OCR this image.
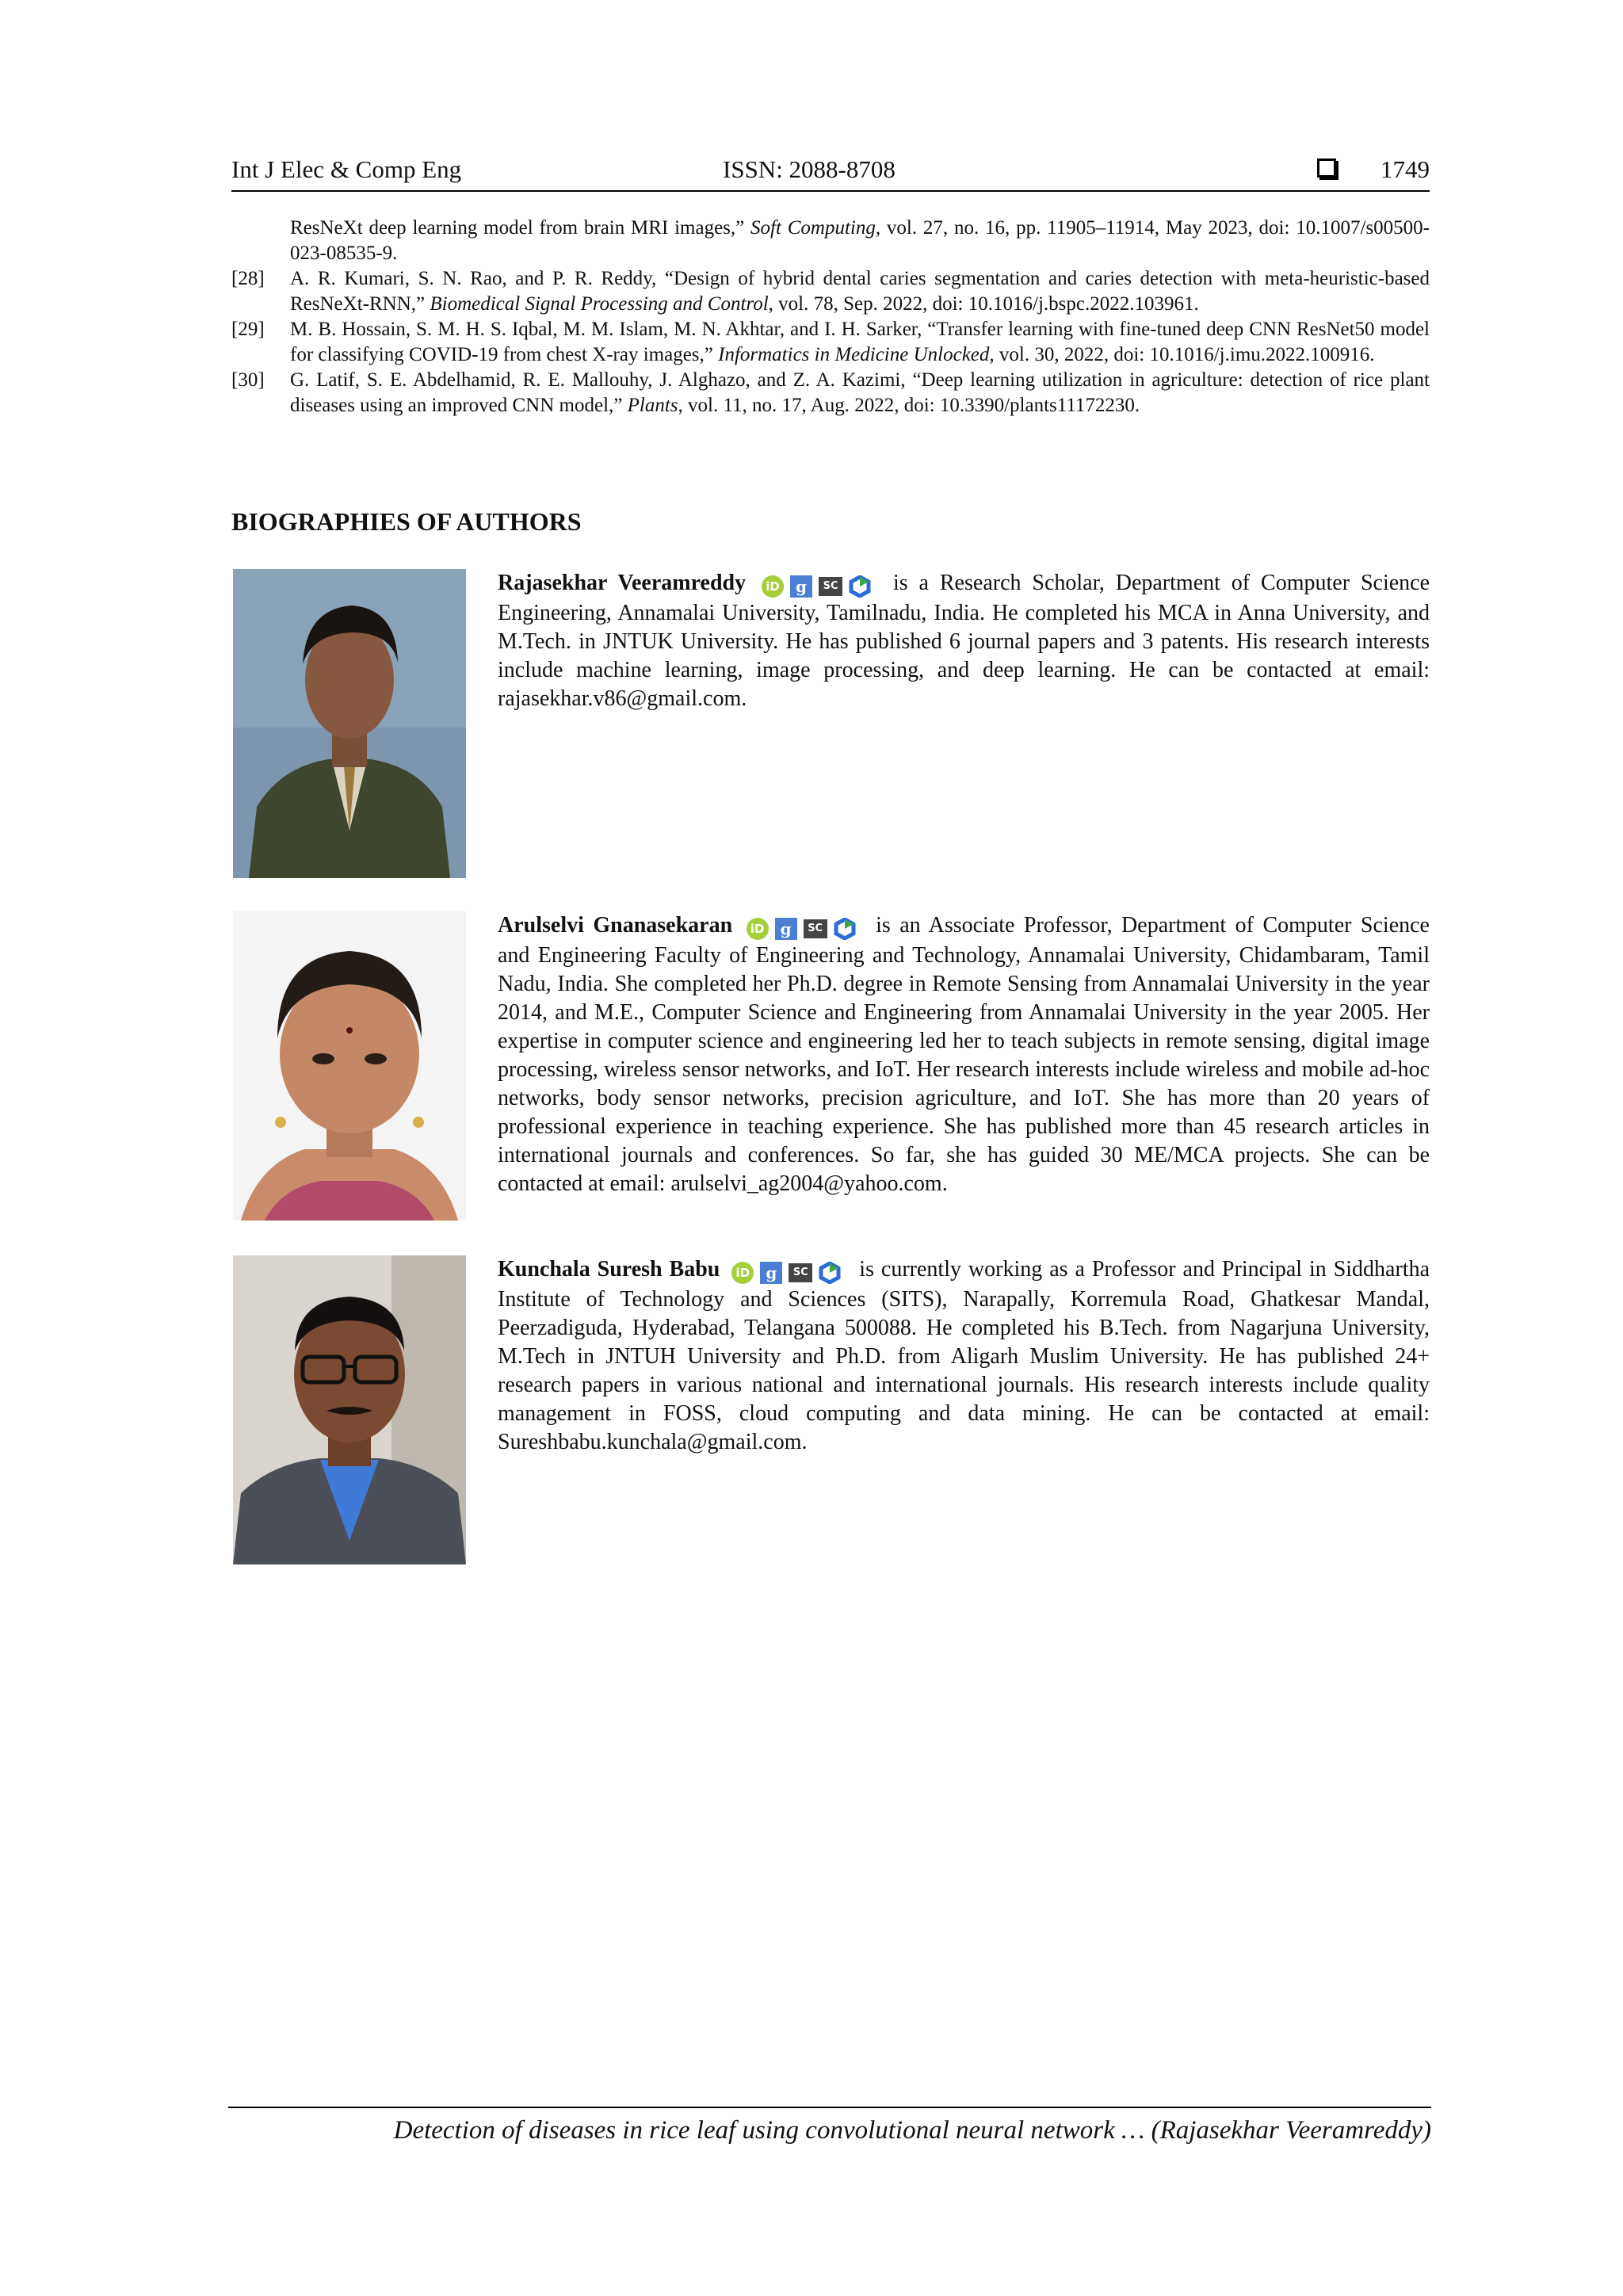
Int J Elec & Comp Eng	ISSN: 2088-8708	1749

ResNeXt deep learning model from brain MRI images,” Soft Computing, vol. 27, no. 16, pp. 11905–11914, May 2023, doi: 10.1007/s00500-023-08535-9.

[28] A. R. Kumari, S. N. Rao, and P. R. Reddy, “Design of hybrid dental caries segmentation and caries detection with meta-heuristic-based ResNeXt-RNN,” Biomedical Signal Processing and Control, vol. 78, Sep. 2022, doi: 10.1016/j.bspc.2022.103961.

[29] M. B. Hossain, S. M. H. S. Iqbal, M. M. Islam, M. N. Akhtar, and I. H. Sarker, “Transfer learning with fine-tuned deep CNN ResNet50 model for classifying COVID-19 from chest X-ray images,” Informatics in Medicine Unlocked, vol. 30, 2022, doi: 10.1016/j.imu.2022.100916.

[30] G. Latif, S. E. Abdelhamid, R. E. Mallouhy, J. Alghazo, and Z. A. Kazimi, “Deep learning utilization in agriculture: detection of rice plant diseases using an improved CNN model,” Plants, vol. 11, no. 17, Aug. 2022, doi: 10.3390/plants11172230.

BIOGRAPHIES OF AUTHORS

Rajasekhar Veeramreddy iD g SC is a Research Scholar, Department of Computer Science Engineering, Annamalai University, Tamilnadu, India. He completed his MCA in Anna University, and M.Tech. in JNTUK University. He has published 6 journal papers and 3 patents. His research interests include machine learning, image processing, and deep learning. He can be contacted at email: rajasekhar.v86@gmail.com.

Arulselvi Gnanasekaran iD g SC is an Associate Professor, Department of Computer Science and Engineering Faculty of Engineering and Technology, Annamalai University, Chidambaram, Tamil Nadu, India. She completed her Ph.D. degree in Remote Sensing from Annamalai University in the year 2014, and M.E., Computer Science and Engineering from Annamalai University in the year 2005. Her expertise in computer science and engineering led her to teach subjects in remote sensing, digital image processing, wireless sensor networks, and IoT. Her research interests include wireless and mobile ad-hoc networks, body sensor networks, precision agriculture, and IoT. She has more than 20 years of professional experience in teaching experience. She has published more than 45 research articles in international journals and conferences. So far, she has guided 30 ME/MCA projects. She can be contacted at email: arulselvi_ag2004@yahoo.com.

Kunchala Suresh Babu iD g SC is currently working as a Professor and Principal in Siddhartha Institute of Technology and Sciences (SITS), Narapally, Korremula Road, Ghatkesar Mandal, Peerzadiguda, Hyderabad, Telangana 500088. He completed his B.Tech. from Nagarjuna University, M.Tech in JNTUH University and Ph.D. from Aligarh Muslim University. He has published 24+ research papers in various national and international journals. His research interests include quality management in FOSS, cloud computing and data mining. He can be contacted at email: Sureshbabu.kunchala@gmail.com.

Detection of diseases in rice leaf using convolutional neural network … (Rajasekhar Veeramreddy)
